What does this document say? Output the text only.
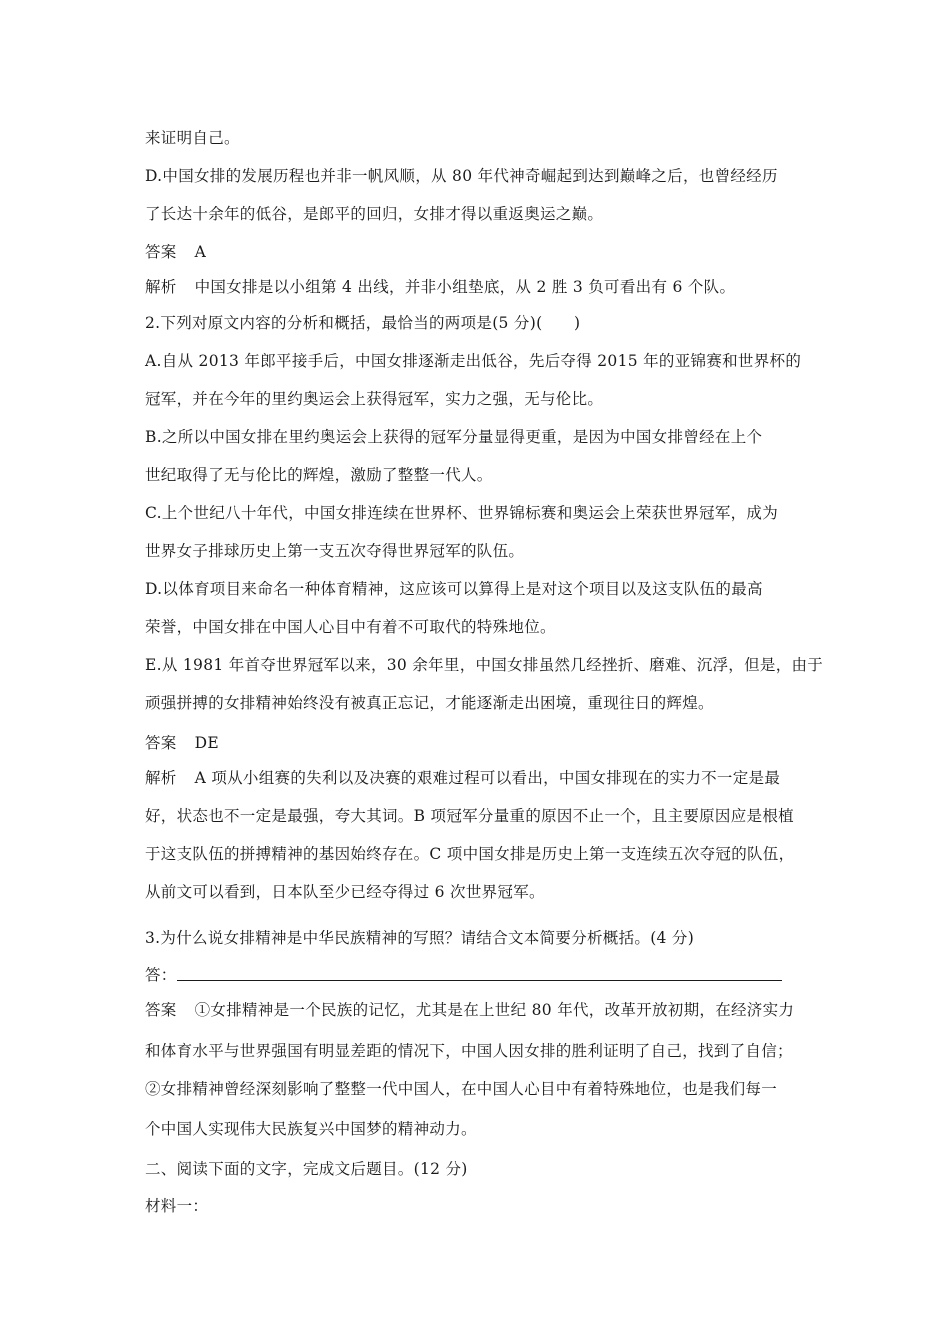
来证明自己。
D.中国女排的发展历程也并非一帆风顺，从 80 年代神奇崛起到达到巅峰之后，也曾经经历
了长达十余年的低谷，是郎平的回归，女排才得以重返奥运之巅。
答案 A
解析 中国女排是以小组第 4 出线，并非小组垫底，从 2 胜 3 负可看出有 6 个队。
2.下列对原文内容的分析和概括，最恰当的两项是(5 分)(　　)
A.自从 2013 年郎平接手后，中国女排逐渐走出低谷，先后夺得 2015 年的亚锦赛和世界杯的
冠军，并在今年的里约奥运会上获得冠军，实力之强，无与伦比。
B.之所以中国女排在里约奥运会上获得的冠军分量显得更重，是因为中国女排曾经在上个
世纪取得了无与伦比的辉煌，激励了整整一代人。
C.上个世纪八十年代，中国女排连续在世界杯、世界锦标赛和奥运会上荣获世界冠军，成为
世界女子排球历史上第一支五次夺得世界冠军的队伍。
D.以体育项目来命名一种体育精神，这应该可以算得上是对这个项目以及这支队伍的最高
荣誉，中国女排在中国人心目中有着不可取代的特殊地位。
E.从 1981 年首夺世界冠军以来，30 余年里，中国女排虽然几经挫折、磨难、沉浮，但是，由于
顽强拼搏的女排精神始终没有被真正忘记，才能逐渐走出困境，重现往日的辉煌。
答案 DE
解析 A 项从小组赛的失利以及决赛的艰难过程可以看出，中国女排现在的实力不一定是最
好，状态也不一定是最强，夸大其词。B 项冠军分量重的原因不止一个，且主要原因应是根植
于这支队伍的拼搏精神的基因始终存在。C 项中国女排是历史上第一支连续五次夺冠的队伍，
从前文可以看到，日本队至少已经夺得过 6 次世界冠军。
3.为什么说女排精神是中华民族精神的写照？请结合文本简要分析概括。(4 分)
答：
答案 ①女排精神是一个民族的记忆，尤其是在上世纪 80 年代，改革开放初期，在经济实力
和体育水平与世界强国有明显差距的情况下，中国人因女排的胜利证明了自己，找到了自信；
②女排精神曾经深刻影响了整整一代中国人，在中国人心目中有着特殊地位，也是我们每一
个中国人实现伟大民族复兴中国梦的精神动力。
二、阅读下面的文字，完成文后题目。(12 分)
材料一：
